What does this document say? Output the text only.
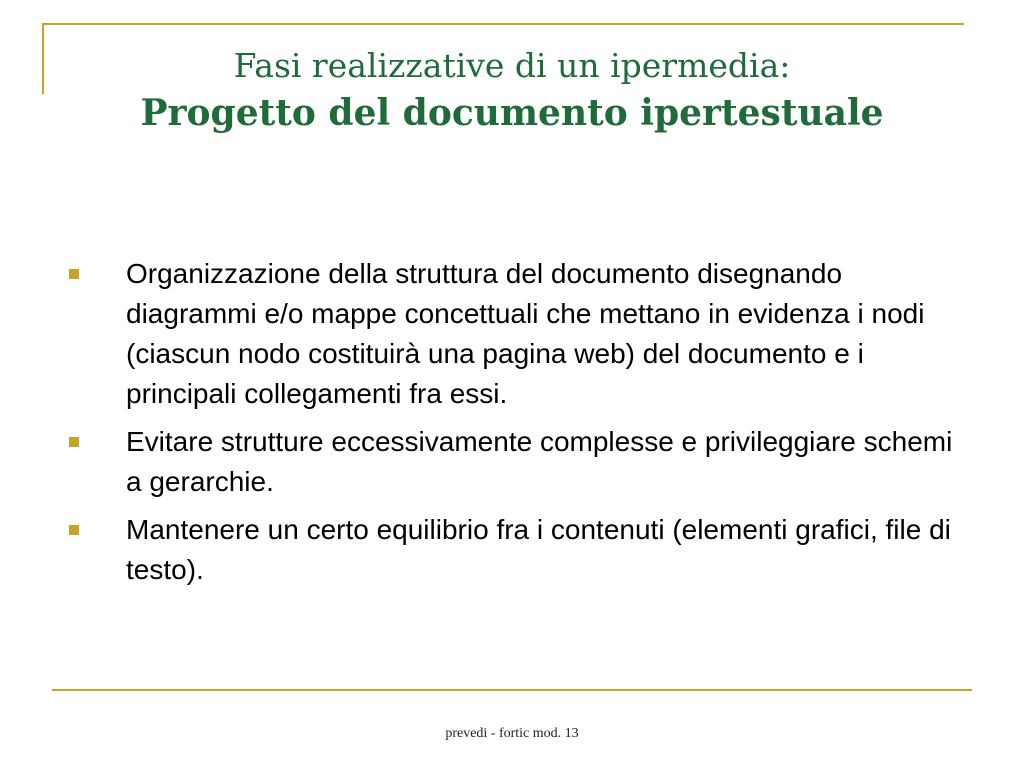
Fasi realizzative di un ipermedia:
Progetto del documento ipertestuale
Organizzazione della struttura del documento disegnando diagrammi e/o mappe concettuali che mettano in evidenza i nodi (ciascun nodo costituirà una pagina web) del documento e i principali collegamenti fra essi.
Evitare strutture eccessivamente complesse e privileggiare schemi a gerarchie.
Mantenere un certo equilibrio fra i contenuti (elementi grafici, file di testo).
prevedi - fortic mod. 13
